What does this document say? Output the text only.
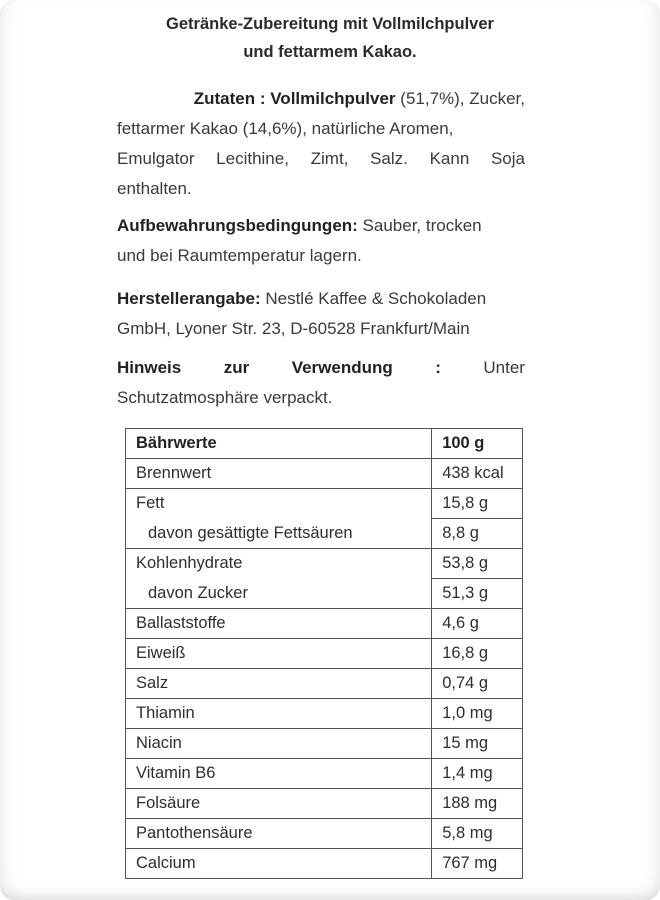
Getränke-Zubereitung mit Vollmilchpulver
und fettarmem Kakao.
Zutaten : Vollmilchpulver (51,7%), Zucker,
fettarmer Kakao (14,6%), natürliche Aromen,
Emulgator Lecithine, Zimt, Salz. Kann Soja
enthalten.
Aufbewahrungsbedingungen: Sauber, trocken
und bei Raumtemperatur lagern.
Herstellerangabe: Nestlé Kaffee & Schokoladen
GmbH, Lyoner Str. 23, D-60528 Frankfurt/Main
Hinweis zur Verwendung : Unter
Schutzatmosphäre verpackt.
Bährwerte	100 g
Brennwert	438 kcal
Fett	15,8 g
davon gesättigte Fettsäuren	8,8 g
Kohlenhydrate	53,8 g
davon Zucker	51,3 g
Ballaststoffe	4,6 g
Eiweiß	16,8 g
Salz	0,74 g
Thiamin	1,0 mg
Niacin	15 mg
Vitamin B6	1,4 mg
Folsäure	188 mg
Pantothensäure	5,8 mg
Calcium	767 mg
